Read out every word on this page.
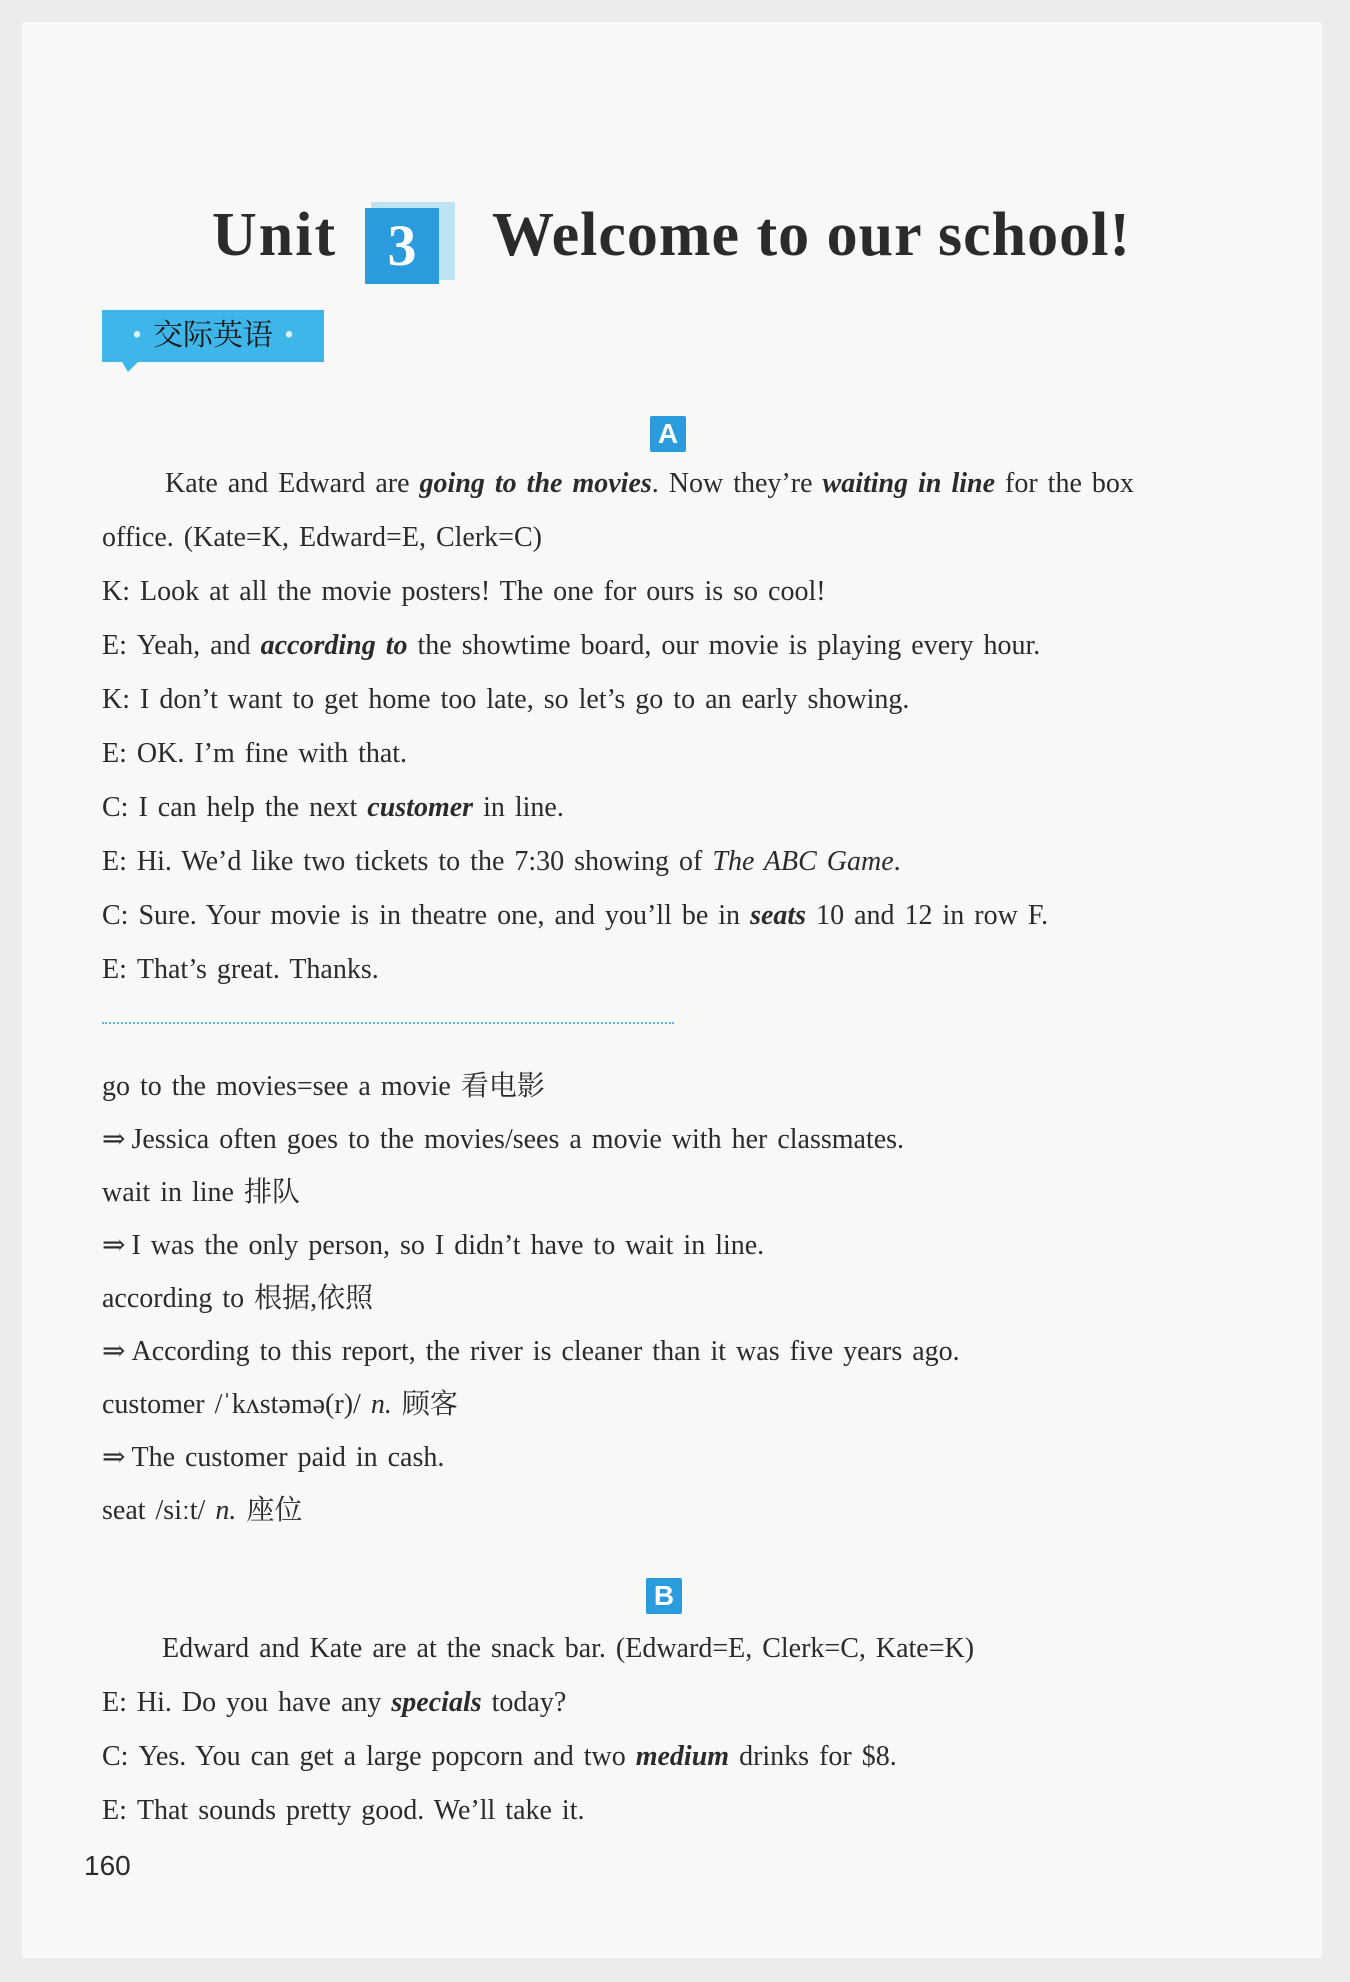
Unit 3	Welcome to our school!
• 交际英语 •
A
Kate and Edward are going to the movies. Now they’re waiting in line for the box
office. (Kate=K, Edward=E, Clerk=C)
K: Look at all the movie posters! The one for ours is so cool!
E: Yeah, and according to the showtime board, our movie is playing every hour.
K: I don’t want to get home too late, so let’s go to an early showing.
E: OK. I’m fine with that.
C: I can help the next customer in line.
E: Hi. We’d like two tickets to the 7:30 showing of The ABC Game.
C: Sure. Your movie is in theatre one, and you’ll be in seats 10 and 12 in row F.
E: That’s great. Thanks.
go to the movies=see a movie 看电影
⇒ Jessica often goes to the movies/sees a movie with her classmates.
wait in line 排队
⇒ I was the only person, so I didn’t have to wait in line.
according to 根据,依照
⇒ According to this report, the river is cleaner than it was five years ago.
customer /ˈkʌstəmə(r)/ n. 顾客
⇒ The customer paid in cash.
seat /siːt/ n. 座位
B
Edward and Kate are at the snack bar. (Edward=E, Clerk=C, Kate=K)
E: Hi. Do you have any specials today?
C: Yes. You can get a large popcorn and two medium drinks for $8.
E: That sounds pretty good. We’ll take it.
160
